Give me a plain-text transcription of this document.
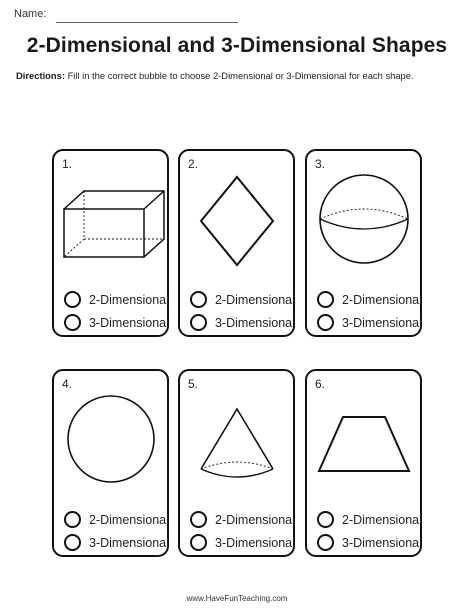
Name:
2-Dimensional and 3-Dimensional Shapes
Directions: Fill in the correct bubble to choose 2-Dimensional or 3-Dimensional for each shape.
1.
2-Dimensional
3-Dimensional
2.
2-Dimensional
3-Dimensional
3.
2-Dimensional
3-Dimensional
4.
2-Dimensional
3-Dimensional
5.
2-Dimensional
3-Dimensional
6.
2-Dimensional
3-Dimensional
www.HaveFunTeaching.com
